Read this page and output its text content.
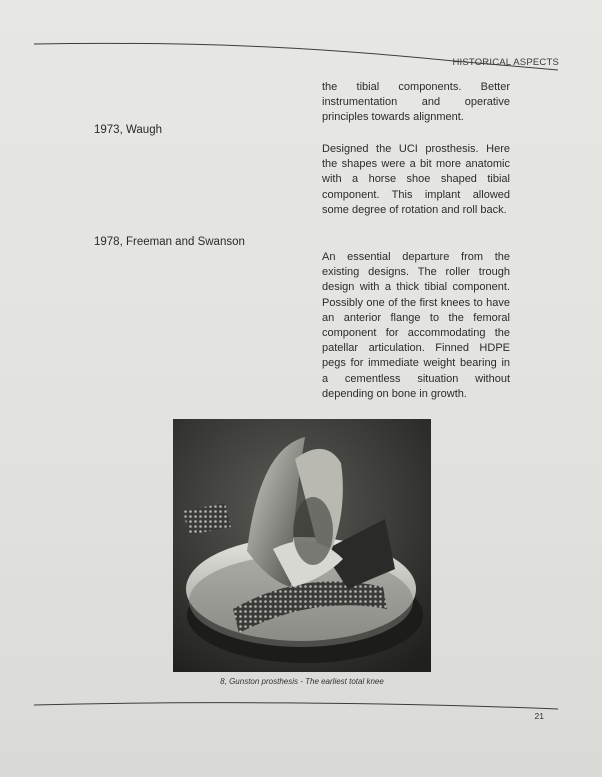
HISTORICAL ASPECTS
the tibial components. Better instrumentation and operative principles towards alignment.
1973, Waugh
Designed the UCI prosthesis. Here the shapes were a bit more anatomic with a horse shoe shaped tibial component. This implant allowed some degree of rotation and roll back.
1978, Freeman and Swanson
An essential departure from the existing designs. The roller trough design with a thick tibial component. Possibly one of the first knees to have an anterior flange to the femoral component for accommodating the patellar articulation. Finned HDPE pegs for immediate weight bearing in a cementless situation without depending on bone in growth.
8, Gunston prosthesis - The earliest total knee
21
